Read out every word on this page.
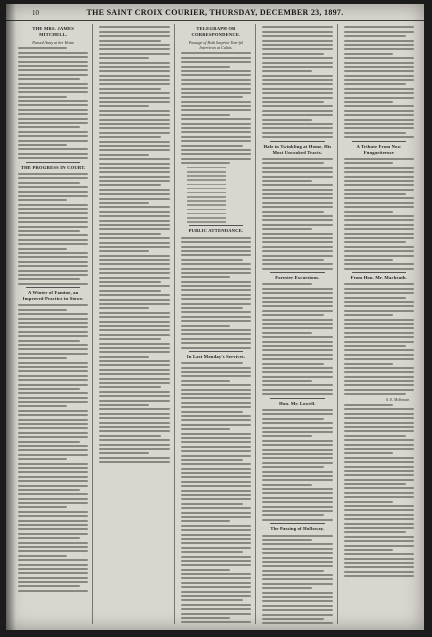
10	THE SAINT CROIX COURIER, THURSDAY, DECEMBER 23, 1897.
THE MRS. JAMES MITCHELL.
Passed Away at her Home
THE PROGRESS IN COURT.
A Winter of Famine, an Improved Practice in Stowe.
TELEGRAPH OR CORRESPONDENCE.
Passage of Both Surprise Tear-ful Interviews at Calais.
PUBLIC ATTENDANCE.
In Last Monday's Services.
Hale in Twinkling at Home, His Most Uncooked Tracts.
Forester Excursions.
Hon. Mr. Lowell.
The Passing of Holloway.
A Tribute From Now Fungariterose
From Hon. Mr. Macbeath.
A. E. McKenzie.
